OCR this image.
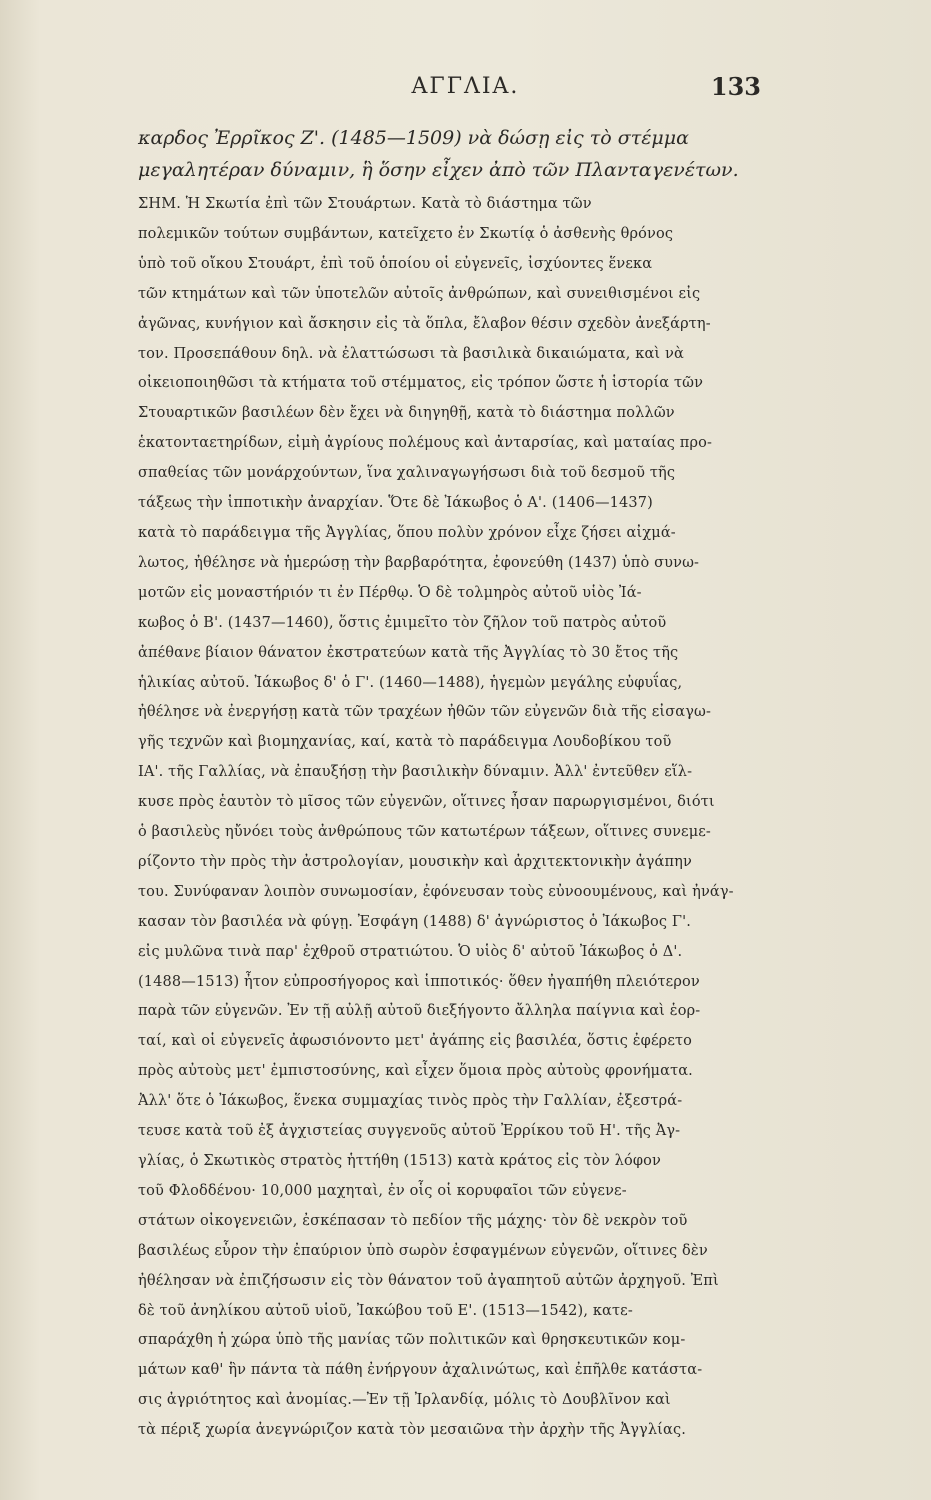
ΑΓΓΛΙΑ.	133
καρδος Ἐρρῖκος Ζ'. (1485—1509) νὰ δώσῃ εἰς τὸ στέμμα
μεγαλητέραν δύναμιν, ἣ ὅσην εἶχεν ἀπὸ τῶν Πλανταγενέτων.
ΣΗΜ. Ἡ Σκωτία ἐπὶ τῶν Στουάρτων. Κατὰ τὸ διάστημα τῶν
πολεμικῶν τούτων συμβάντων, κατεῖχετο ἐν Σκωτίᾳ ὁ ἀσθενὴς θρόνος
ὑπὸ τοῦ οἴκου Στουάρτ, ἐπὶ τοῦ ὁποίου οἱ εὐγενεῖς, ἰσχύοντες ἕνεκα
τῶν κτημάτων καὶ τῶν ὑποτελῶν αὐτοῖς ἀνθρώπων, καὶ συνειθισμένοι εἰς
ἀγῶνας, κυνήγιον καὶ ἄσκησιν εἰς τὰ ὅπλα, ἔλαβον θέσιν σχεδὸν ἀνεξάρτη-
τον. Προσεπάθουν δηλ. νὰ ἐλαττώσωσι τὰ βασιλικὰ δικαιώματα, καὶ νὰ
οἰκειοποιηθῶσι τὰ κτήματα τοῦ στέμματος, εἰς τρόπον ὥστε ἡ ἱστορία τῶν
Στουαρτικῶν βασιλέων δὲν ἔχει νὰ διηγηθῇ, κατὰ τὸ διάστημα πολλῶν
ἑκατονταετηρίδων, εἰμὴ ἀγρίους πολέμους καὶ ἀνταρσίας, καὶ ματαίας προ-
σπαθείας τῶν μονάρχούντων, ἵνα χαλιναγωγήσωσι διὰ τοῦ δεσμοῦ τῆς
τάξεως τὴν ἱπποτικὴν ἀναρχίαν. Ὅτε δὲ Ἰάκωβος ὁ Α'. (1406—1437)
κατὰ τὸ παράδειγμα τῆς Ἀγγλίας, ὅπου πολὺν χρόνον εἶχε ζήσει αἰχμά-
λωτος, ἠθέλησε νὰ ἡμερώσῃ τὴν βαρβαρότητα, ἐφονεύθη (1437) ὑπὸ συνω-
μοτῶν εἰς μοναστήριόν τι ἐν Πέρθῳ. Ὁ δὲ τολμηρὸς αὐτοῦ υἱὸς Ἰά-
κωβος ὁ Β'. (1437—1460), ὅστις ἐμιμεῖτο τὸν ζῆλον τοῦ πατρὸς αὐτοῦ
ἀπέθανε βίαιον θάνατον ἐκστρατεύων κατὰ τῆς Ἀγγλίας τὸ 30 ἔτος τῆς
ἡλικίας αὐτοῦ. Ἰάκωβος δ' ὁ Γ'. (1460—1488), ἡγεμὼν μεγάλης εὐφυΐας,
ἠθέλησε νὰ ἐνεργήσῃ κατὰ τῶν τραχέων ἠθῶν τῶν εὐγενῶν διὰ τῆς εἰσαγω-
γῆς τεχνῶν καὶ βιομηχανίας, καί, κατὰ τὸ παράδειγμα Λουδοβίκου τοῦ
ΙΑ'. τῆς Γαλλίας, νὰ ἐπαυξήσῃ τὴν βασιλικὴν δύναμιν. Ἀλλ' ἐντεῦθεν εἵλ-
κυσε πρὸς ἑαυτὸν τὸ μῖσος τῶν εὐγενῶν, οἵτινες ἦσαν παρωργισμένοι, διότι
ὁ βασιλεὺς ηὔνόει τοὺς ἀνθρώπους τῶν κατωτέρων τάξεων, οἵτινες συνεμε-
ρίζοντο τὴν πρὸς τὴν ἀστρολογίαν, μουσικὴν καὶ ἀρχιτεκτονικὴν ἀγάπην
του. Συνύφαναν λοιπὸν συνωμοσίαν, ἐφόνευσαν τοὺς εὐνοουμένους, καὶ ἠνάγ-
κασαν τὸν βασιλέα νὰ φύγῃ. Ἐσφάγη (1488) δ' ἀγνώριστος ὁ Ἰάκωβος Γ'.
εἰς μυλῶνα τινὰ παρ' ἐχθροῦ στρατιώτου. Ὁ υἱὸς δ' αὐτοῦ Ἰάκωβος ὁ Δ'.
(1488—1513) ἦτον εὐπροσήγορος καὶ ἱπποτικός· ὅθεν ἠγαπήθη πλειότερον
παρὰ τῶν εὐγενῶν. Ἐν τῇ αὐλῇ αὐτοῦ διεξήγοντο ἄλληλα παίγνια καὶ ἑορ-
ταί, καὶ οἱ εὐγενεῖς ἀφωσιόνοντο μετ' ἀγάπης εἰς βασιλέα, ὅστις ἐφέρετο
πρὸς αὐτοὺς μετ' ἐμπιστοσύνης, καὶ εἶχεν ὅμοια πρὸς αὐτοὺς φρονήματα.
Ἀλλ' ὅτε ὁ Ἰάκωβος, ἕνεκα συμμαχίας τινὸς πρὸς τὴν Γαλλίαν, ἐξεστρά-
τευσε κατὰ τοῦ ἐξ ἀγχιστείας συγγενοῦς αὐτοῦ Ἐρρίκου τοῦ Η'. τῆς Ἀγ-
γλίας, ὁ Σκωτικὸς στρατὸς ἡττήθη (1513) κατὰ κράτος εἰς τὸν λόφον
τοῦ Φλοδδένου· 10,000 μαχηταὶ, ἐν οἷς οἱ κορυφαῖοι τῶν εὐγενε-
στάτων οἰκογενειῶν, ἐσκέπασαν τὸ πεδίον τῆς μάχης· τὸν δὲ νεκρὸν τοῦ
βασιλέως εὗρον τὴν ἐπαύριον ὑπὸ σωρὸν ἐσφαγμένων εὐγενῶν, οἵτινες δὲν
ἠθέλησαν νὰ ἐπιζήσωσιν εἰς τὸν θάνατον τοῦ ἀγαπητοῦ αὐτῶν ἀρχηγοῦ. Ἐπὶ
δὲ τοῦ ἀνηλίκου αὐτοῦ υἱοῦ, Ἰακώβου τοῦ Ε'. (1513—1542), κατε-
σπαράχθη ἡ χώρα ὑπὸ τῆς μανίας τῶν πολιτικῶν καὶ θρησκευτικῶν κομ-
μάτων καθ' ἣν πάντα τὰ πάθη ἐνήργουν ἀχαλινώτως, καὶ ἐπῆλθε κατάστα-
σις ἀγριότητος καὶ ἀνομίας.—Ἐν τῇ Ἰρλανδίᾳ, μόλις τὸ Δουβλῖνον καὶ
τὰ πέριξ χωρία ἀνεγνώριζον κατὰ τὸν μεσαιῶνα τὴν ἀρχὴν τῆς Ἀγγλίας.
